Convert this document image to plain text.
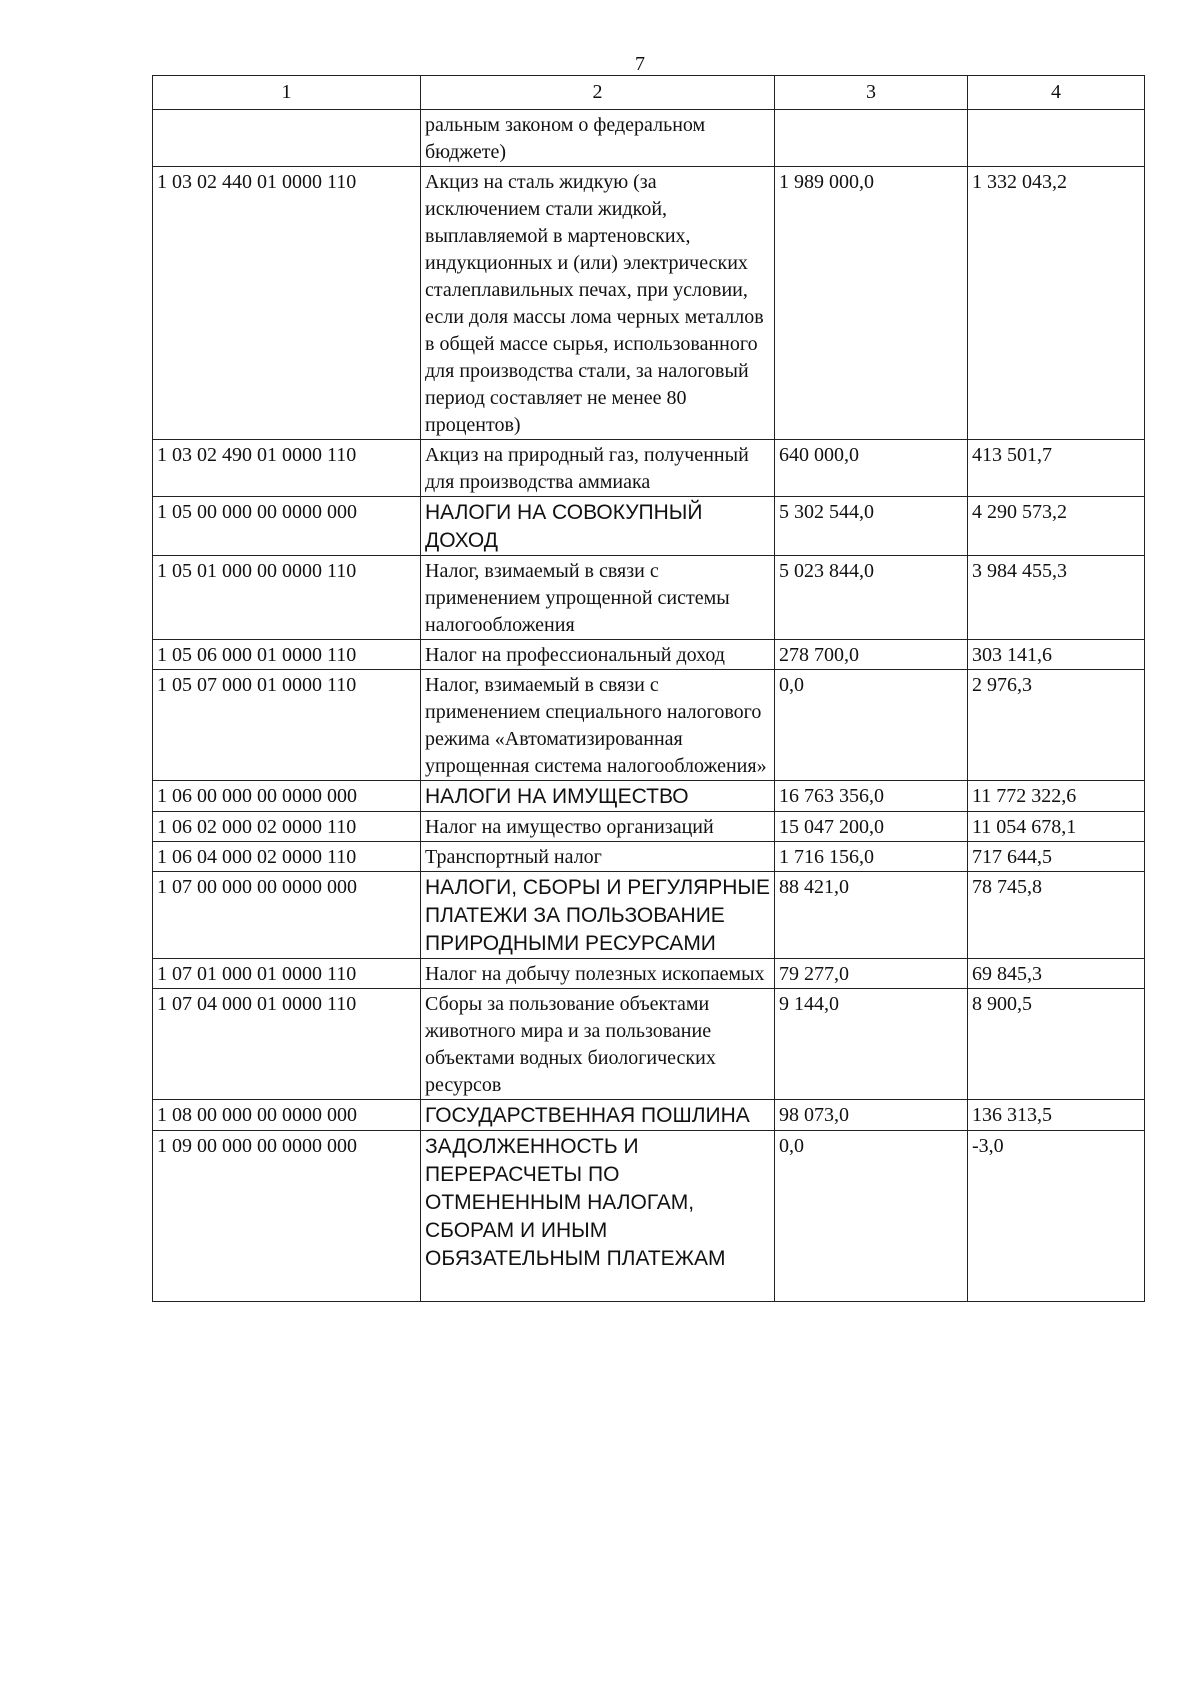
7
1	2	3	4
	ральным законом о федеральном бюджете)		
1 03 02 440 01 0000 110	Акциз на сталь жидкую (за исключением стали жидкой, выплавляемой в мартеновских, индукционных и (или) электрических сталеплавильных печах, при условии, если доля массы лома черных металлов в общей массе сырья, использованного для производства стали, за налоговый период составляет не менее 80 процентов)	1 989 000,0	1 332 043,2
1 03 02 490 01 0000 110	Акциз на природный газ, полученный для производства аммиака	640 000,0	413 501,7
1 05 00 000 00 0000 000	НАЛОГИ НА СОВОКУПНЫЙ ДОХОД	5 302 544,0	4 290 573,2
1 05 01 000 00 0000 110	Налог, взимаемый в связи с применением упрощенной системы налогообложения	5 023 844,0	3 984 455,3
1 05 06 000 01 0000 110	Налог на профессиональный доход	278 700,0	303 141,6
1 05 07 000 01 0000 110	Налог, взимаемый в связи с применением специального налогового режима «Автоматизированная упрощенная система налогообложения»	0,0	2 976,3
1 06 00 000 00 0000 000	НАЛОГИ НА ИМУЩЕСТВО	16 763 356,0	11 772 322,6
1 06 02 000 02 0000 110	Налог на имущество организаций	15 047 200,0	11 054 678,1
1 06 04 000 02 0000 110	Транспортный налог	1 716 156,0	717 644,5
1 07 00 000 00 0000 000	НАЛОГИ, СБОРЫ И РЕГУЛЯРНЫЕ ПЛАТЕЖИ ЗА ПОЛЬЗОВАНИЕ ПРИРОДНЫМИ РЕСУРСАМИ	88 421,0	78 745,8
1 07 01 000 01 0000 110	Налог на добычу полезных ископаемых	79 277,0	69 845,3
1 07 04 000 01 0000 110	Сборы за пользование объектами животного мира и за пользование объектами водных биологических ресурсов	9 144,0	8 900,5
1 08 00 000 00 0000 000	ГОСУДАРСТВЕННАЯ ПОШЛИНА	98 073,0	136 313,5
1 09 00 000 00 0000 000	ЗАДОЛЖЕННОСТЬ И ПЕРЕРАСЧЕТЫ ПО ОТМЕНЕННЫМ НАЛОГАМ, СБОРАМ И ИНЫМ ОБЯЗАТЕЛЬНЫМ ПЛАТЕЖАМ	0,0	-3,0
